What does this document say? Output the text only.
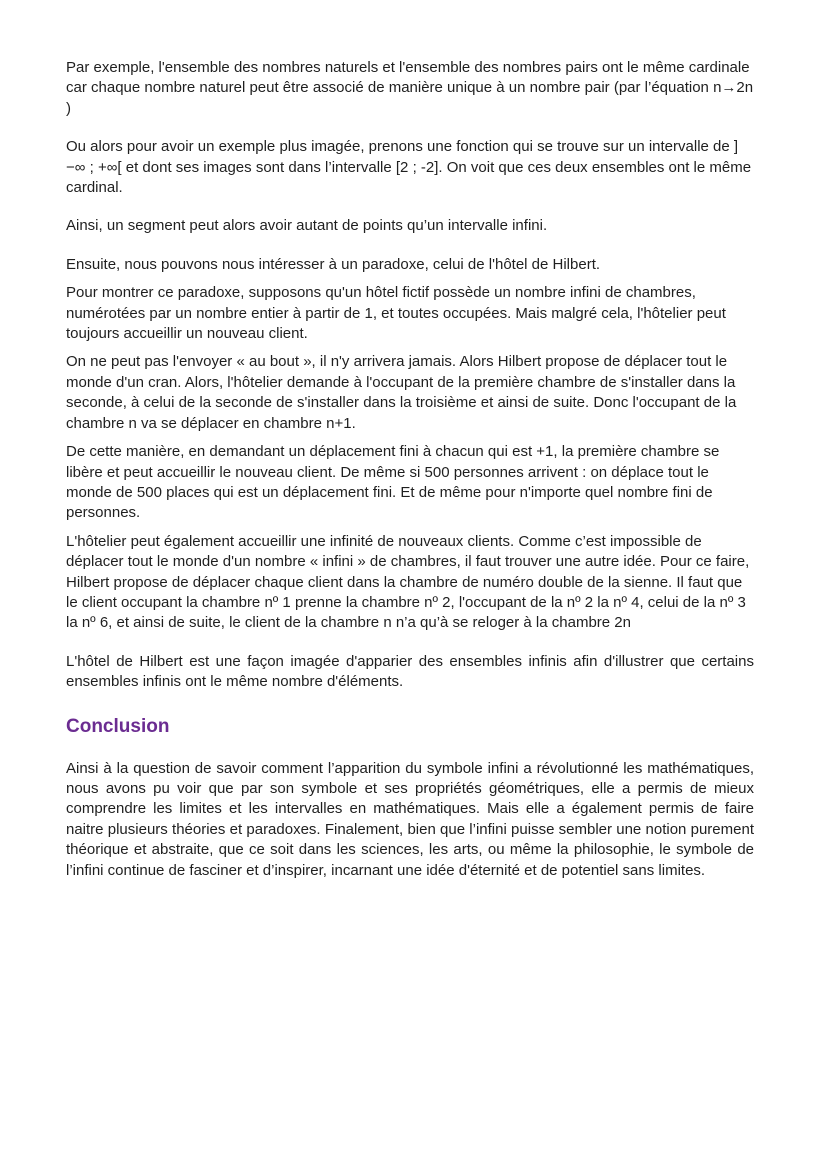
Par exemple, l'ensemble des nombres naturels et l'ensemble des nombres pairs ont le même cardinale car chaque nombre naturel peut être associé de manière unique à un nombre pair (par l’équation n→2n )

Ou alors pour avoir un exemple plus imagée, prenons une fonction qui se trouve sur un intervalle de ]−∞ ; +∞[ et dont ses images sont dans l’intervalle [2 ; -2]. On voit que ces deux ensembles ont le même cardinal.

Ainsi, un segment peut alors avoir autant de points qu’un intervalle infini.

Ensuite, nous pouvons nous intéresser à un paradoxe, celui de l'hôtel de Hilbert.

Pour montrer ce paradoxe, supposons qu'un hôtel fictif possède un nombre infini de chambres, numérotées par un nombre entier à partir de 1, et toutes occupées. Mais malgré cela, l'hôtelier peut toujours accueillir un nouveau client.

On ne peut pas l'envoyer « au bout », il n'y arrivera jamais. Alors Hilbert propose de déplacer tout le monde d'un cran. Alors, l'hôtelier demande à l'occupant de la première chambre de s'installer dans la seconde, à celui de la seconde de s'installer dans la troisième et ainsi de suite. Donc l'occupant de la chambre n va se déplacer en chambre n+1.

De cette manière, en demandant un déplacement fini à chacun qui est +1, la première chambre se libère et peut accueillir le nouveau client. De même si 500 personnes arrivent : on déplace tout le monde de 500 places qui est un déplacement fini. Et de même pour n'importe quel nombre fini de personnes.

L'hôtelier peut également accueillir une infinité de nouveaux clients. Comme c’est impossible de déplacer tout le monde d'un nombre « infini » de chambres, il faut trouver une autre idée. Pour ce faire, Hilbert propose de déplacer chaque client dans la chambre de numéro double de la sienne. Il faut que le client occupant la chambre nº 1 prenne la chambre nº 2, l'occupant de la nº 2 la nº 4, celui de la nº 3 la nº 6, et ainsi de suite, le client de la chambre n n’a qu’à se reloger à la chambre 2n

L'hôtel de Hilbert est une façon imagée d'apparier des ensembles infinis afin d'illustrer que certains ensembles infinis ont le même nombre d'éléments.

Conclusion

Ainsi à la question de savoir comment l’apparition du symbole infini a révolutionné les mathématiques, nous avons pu voir que par son symbole et ses propriétés géométriques, elle a permis de mieux comprendre les limites et les intervalles en mathématiques. Mais elle a également permis de faire naitre plusieurs théories et paradoxes. Finalement, bien que l’infini puisse sembler une notion purement théorique et abstraite, que ce soit dans les sciences, les arts, ou même la philosophie, le symbole de l’infini continue de fasciner et d’inspirer, incarnant une idée d'éternité et de potentiel sans limites.
